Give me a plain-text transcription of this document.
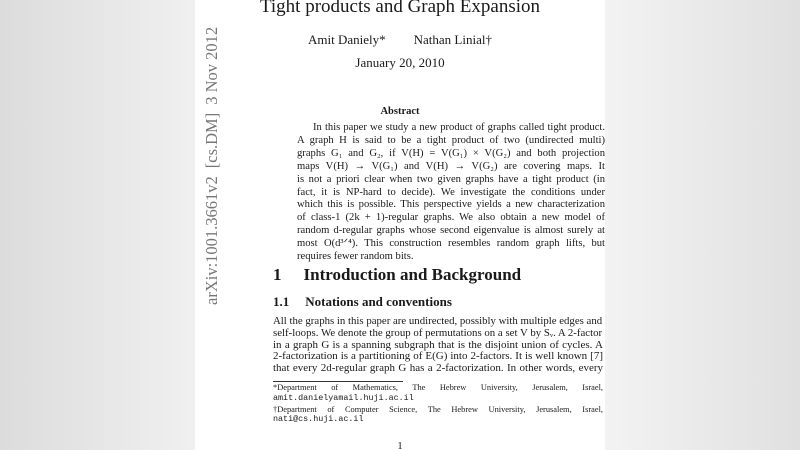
arXiv:1001.3661v2[cs.DM]3 Nov 2012
Tight products and Graph Expansion
Amit Daniely* Nathan Linial†
January 20, 2010
Abstract
In this paper we study a new product of graphs called tight product.
A graph H is said to be a tight product of two (undirected multi)
graphs G₁ and G₂, if V(H) = V(G₁) × V(G₂) and both projection
maps V(H) → V(G₁) and V(H) → V(G₂) are covering maps. It
is not a priori clear when two given graphs have a tight product (in
fact, it is NP-hard to decide). We investigate the conditions under
which this is possible. This perspective yields a new characterization
of class-1 (2k + 1)-regular graphs. We also obtain a new model of
random d-regular graphs whose second eigenvalue is almost surely at
most O(d³ᐟ⁴). This construction resembles random graph lifts, but
requires fewer random bits.
1 Introduction and Background
1.1 Notations and conventions
All the graphs in this paper are undirected, possibly with multiple edges and
self-loops. We denote the group of permutations on a set V by Sᵥ. A 2-factor
in a graph G is a spanning subgraph that is the disjoint union of cycles. A
2-factorization is a partitioning of E(G) into 2-factors. It is well known [7]
that every 2d-regular graph G has a 2-factorization. In other words, every
*Department of Mathematics, The Hebrew University, Jerusalem, Israel,
amit.danielyamail.huji.ac.il
†Department of Computer Science, The Hebrew University, Jerusalem, Israel,
nati@cs.huji.ac.il
1
